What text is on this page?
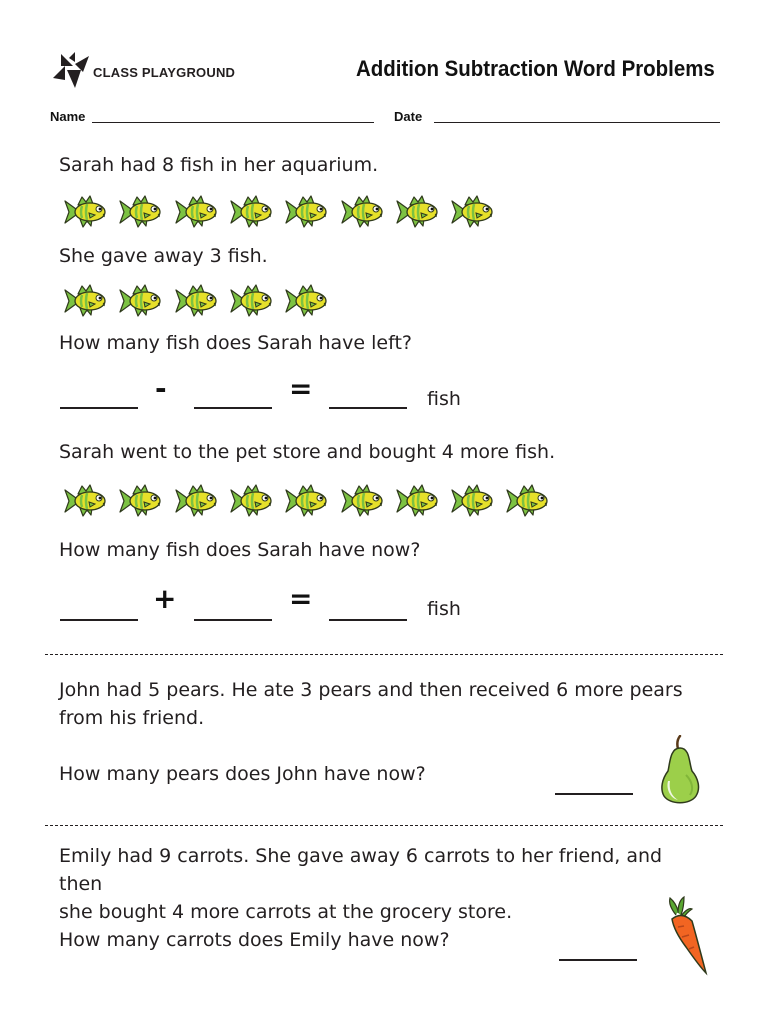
CLASS PLAYGROUND	Addition Subtraction Word Problems
Name	Date
Sarah had 8 fish in her aquarium.
She gave away 3 fish.
How many fish does Sarah have left?
-	=	fish
Sarah went to the pet store and bought 4 more fish.
How many fish does Sarah have now?
+	=	fish
John had 5 pears. He ate 3 pears and then received 6 more pears
from his friend.
How many pears does John have now?
Emily had 9 carrots. She gave away 6 carrots to her friend, and then
she bought 4 more carrots at the grocery store.
How many carrots does Emily have now?
